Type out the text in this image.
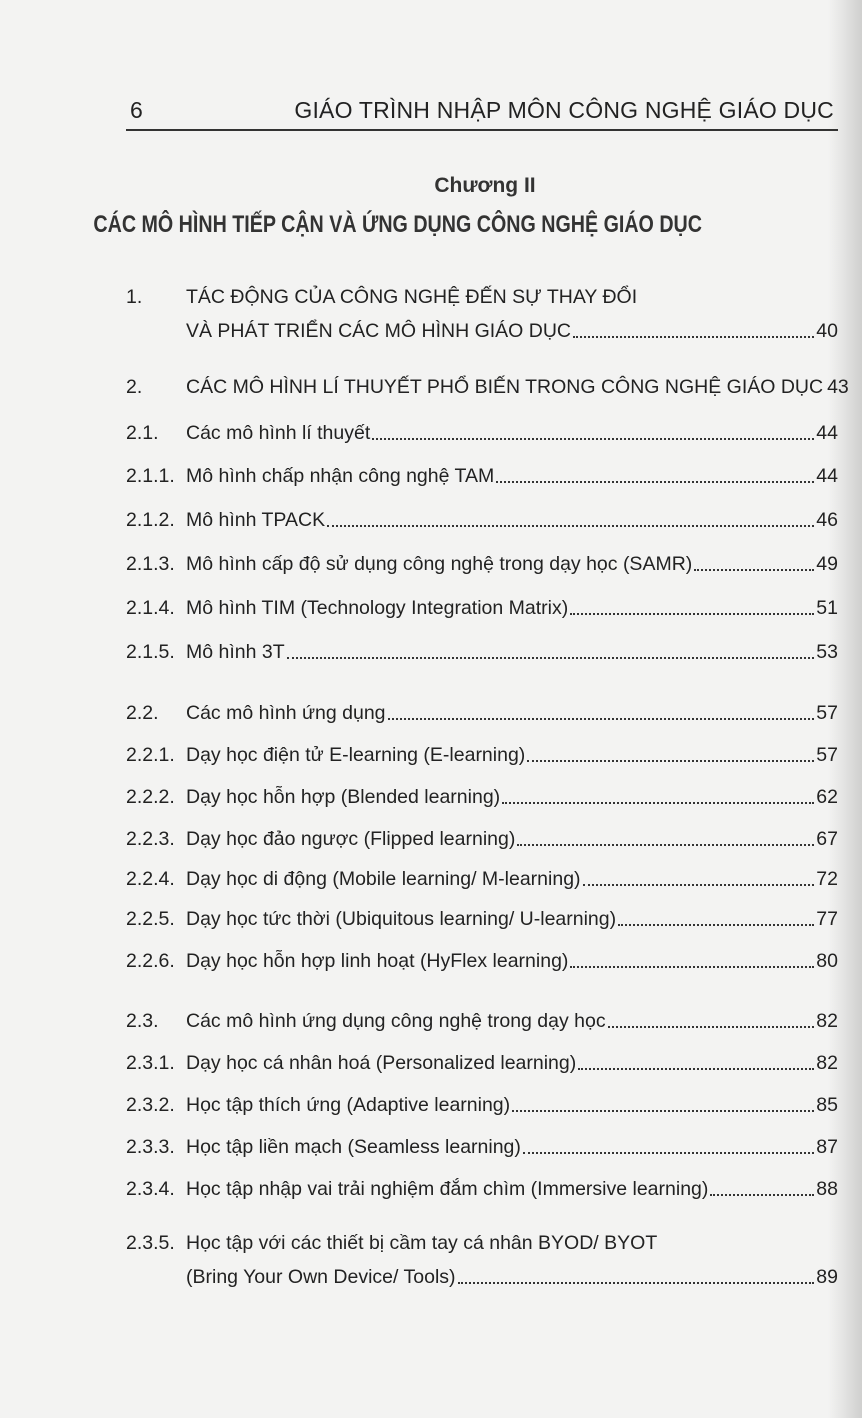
6	GIÁO TRÌNH NHẬP MÔN CÔNG NGHỆ GIÁO DỤC
Chương II
CÁC MÔ HÌNH TIẾP CẬN VÀ ỨNG DỤNG CÔNG NGHỆ GIÁO DỤC
1. TÁC ĐỘNG CỦA CÔNG NGHỆ ĐẾN SỰ THAY ĐỔI
VÀ PHÁT TRIỂN CÁC MÔ HÌNH GIÁO DỤC	40
2. CÁC MÔ HÌNH LÍ THUYẾT PHỔ BIẾN TRONG CÔNG NGHỆ GIÁO DỤC 43
2.1. Các mô hình lí thuyết	44
2.1.1. Mô hình chấp nhận công nghệ TAM	44
2.1.2. Mô hình TPACK	46
2.1.3. Mô hình cấp độ sử dụng công nghệ trong dạy học (SAMR)	49
2.1.4. Mô hình TIM (Technology Integration Matrix)	51
2.1.5. Mô hình 3T	53
2.2. Các mô hình ứng dụng	57
2.2.1. Dạy học điện tử E-learning (E-learning)	57
2.2.2. Dạy học hỗn hợp (Blended learning)	62
2.2.3. Dạy học đảo ngược (Flipped learning)	67
2.2.4. Dạy học di động (Mobile learning/ M-learning)	72
2.2.5. Dạy học tức thời (Ubiquitous learning/ U-learning)	77
2.2.6. Dạy học hỗn hợp linh hoạt (HyFlex learning)	80
2.3. Các mô hình ứng dụng công nghệ trong dạy học	82
2.3.1. Dạy học cá nhân hoá (Personalized learning)	82
2.3.2. Học tập thích ứng (Adaptive learning)	85
2.3.3. Học tập liền mạch (Seamless learning)	87
2.3.4. Học tập nhập vai trải nghiệm đắm chìm (Immersive learning)	88
2.3.5. Học tập với các thiết bị cầm tay cá nhân BYOD/ BYOT
(Bring Your Own Device/ Tools)	89
